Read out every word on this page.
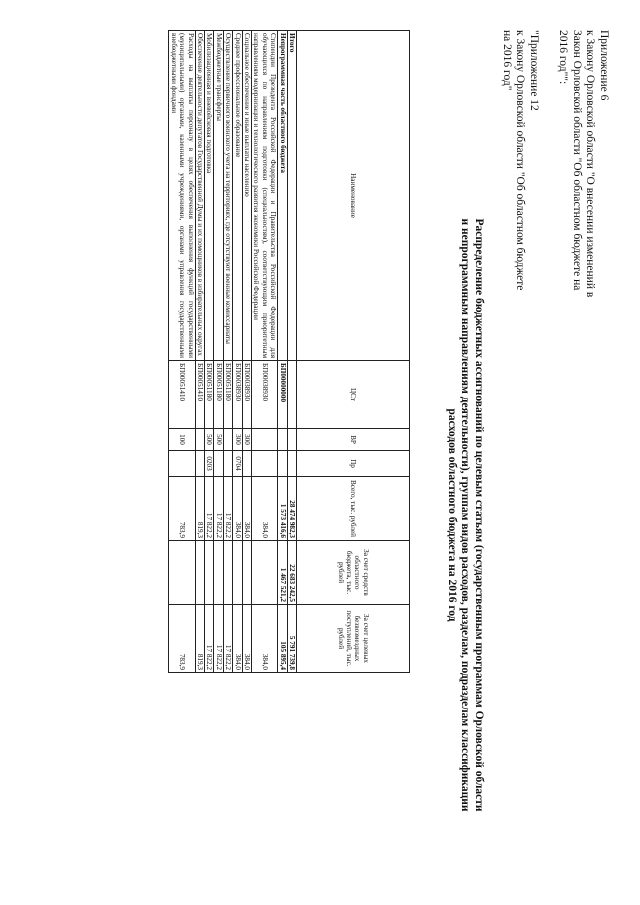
Приложение 6
к Закону Орловской области "О внесении изменений в
Закон Орловской области "Об областном бюджете на
2016 год"":
"Приложение 12
к Закону Орловской области "Об областном бюджете
на 2016 год"
Распределение бюджетных ассигнований по целевым статьям (государственным программам Орловской области
и непрограммным направлениям деятельности), группам видов расходов, разделам, подразделам классификации
расходов областного бюджета на 2016 год
Наименование	ЦСт	ВР	Пр	Всего, тыс. рублей	За счет средств областного бюджета, тыс. рублей	За счет целевых безвозмездных поступлений, тыс. рублей
Итого				28 474 982,3	22 683 242,5	5 791 739,8
Непрограммная часть областного бюджета	БП00000000			1 573 416,6	1 467 521,2	105 895,4
Стипендии Президента Российской Федерации и Правительства Российской Федерации для обучающихся по направлениям подготовки (специальностям), соответствующим приоритетным направлениям модернизации и технологического развития экономики Российской Федерации	БП00038930			384,0		384,0
Социальное обеспечение и иные выплаты населению	БП00038930	300		384,0		384,0
Среднее профессиональное образование	БП00038930	300	0704	384,0		384,0
Осуществление первичного воинского учета на территориях, где отсутствуют военные комиссариаты	БП00051180			17 822,2		17 822,2
Межбюджетные трансферты	БП00051180	500		17 822,2		17 822,2
Мобилизационная и вневойсковая подготовка	БП00051180	500	0203	17 822,2		17 822,2
Обеспечение деятельности депутатов Государственной Думы и их помощников в избирательных округах	БП00051410			819,3		819,3
Расходы на выплаты персоналу в целях обеспечения выполнения функций государственными (муниципальными) органами, казенными учреждениями, органами управления государственными внебюджетными фондами	БП00051410	100		783,9		783,9
